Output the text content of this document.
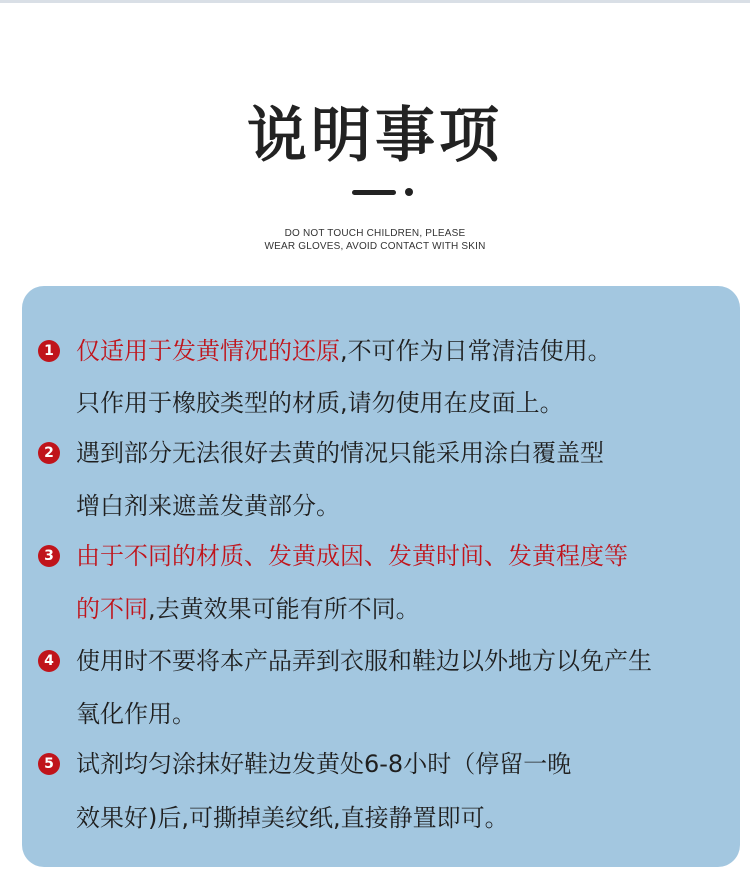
说明事项
DO NOT TOUCH CHILDREN, PLEASE
WEAR GLOVES, AVOID CONTACT WITH SKIN
1 仅适用于发黄情况的还原,不可作为日常清洁使用。
只作用于橡胶类型的材质,请勿使用在皮面上。
2 遇到部分无法很好去黄的情况只能采用涂白覆盖型
增白剂来遮盖发黄部分。
3 由于不同的材质、发黄成因、发黄时间、发黄程度等
的不同,去黄效果可能有所不同。
4 使用时不要将本产品弄到衣服和鞋边以外地方以免产生
氧化作用。
5 试剂均匀涂抹好鞋边发黄处6-8小时（停留一晚
效果好)后,可撕掉美纹纸,直接静置即可。
